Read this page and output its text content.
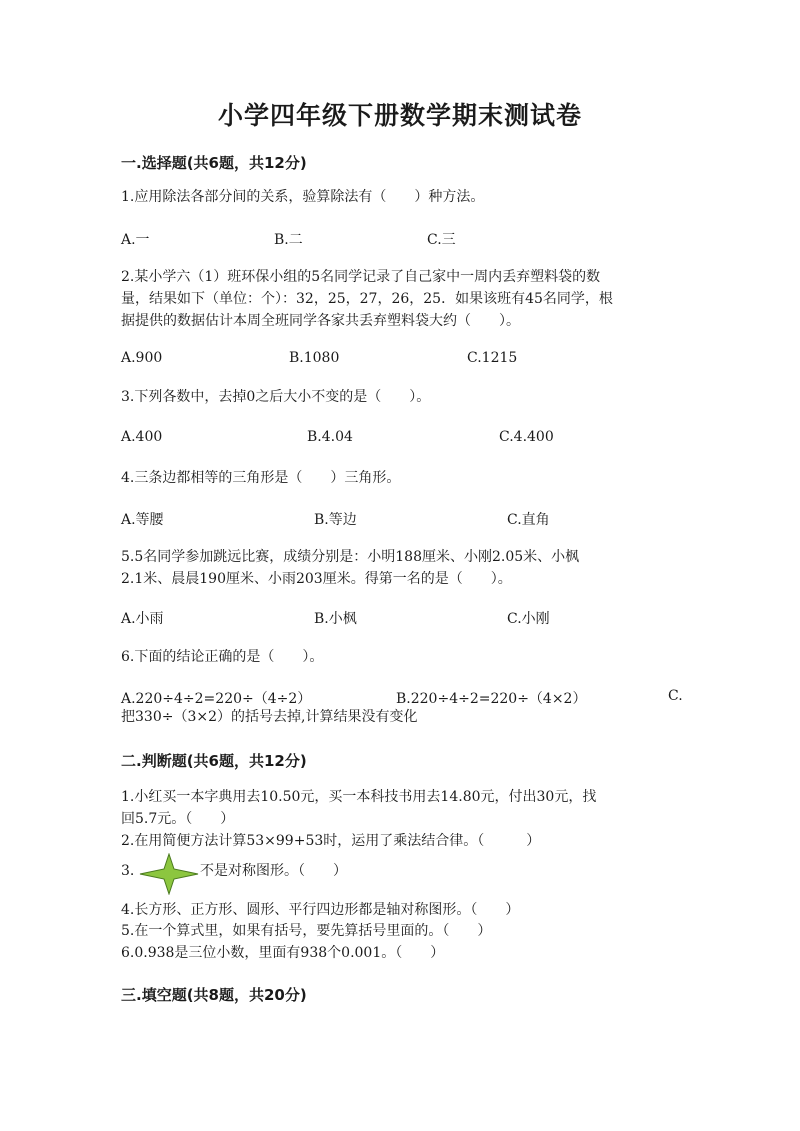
小学四年级下册数学期末测试卷
一.选择题(共6题，共12分)
1.应用除法各部分间的关系，验算除法有（　　）种方法。
A.一	B.二	C.三
2.某小学六（1）班环保小组的5名同学记录了自己家中一周内丢弃塑料袋的数
量，结果如下（单位：个）：32，25，27，26，25．如果该班有45名同学，根
据提供的数据估计本周全班同学各家共丢弃塑料袋大约（　　）。
A.900	B.1080	C.1215
3.下列各数中，去掉0之后大小不变的是（　　）。
A.400	B.4.04	C.4.400
4.三条边都相等的三角形是（　　）三角形。
A.等腰	B.等边	C.直角
5.5名同学参加跳远比赛，成绩分别是：小明188厘米、小刚2.05米、小枫
2.1米、晨晨190厘米、小雨203厘米。得第一名的是（　　）。
A.小雨	B.小枫	C.小刚
6.下面的结论正确的是（　　）。
A.220÷4÷2=220÷（4÷2）	B.220÷4÷2=220÷（4×2）	C.
把330÷（3×2）的括号去掉,计算结果没有变化
二.判断题(共6题，共12分)
1.小红买一本字典用去10.50元，买一本科技书用去14.80元，付出30元，找
回5.7元。（　　）
2.在用简便方法计算53×99+53时，运用了乘法结合律。（　　　）
3.	不是对称图形。（　　）
4.长方形、正方形、圆形、平行四边形都是轴对称图形。（　　）
5.在一个算式里，如果有括号，要先算括号里面的。（　　）
6.0.938是三位小数，里面有938个0.001。（　　）
三.填空题(共8题，共20分)
